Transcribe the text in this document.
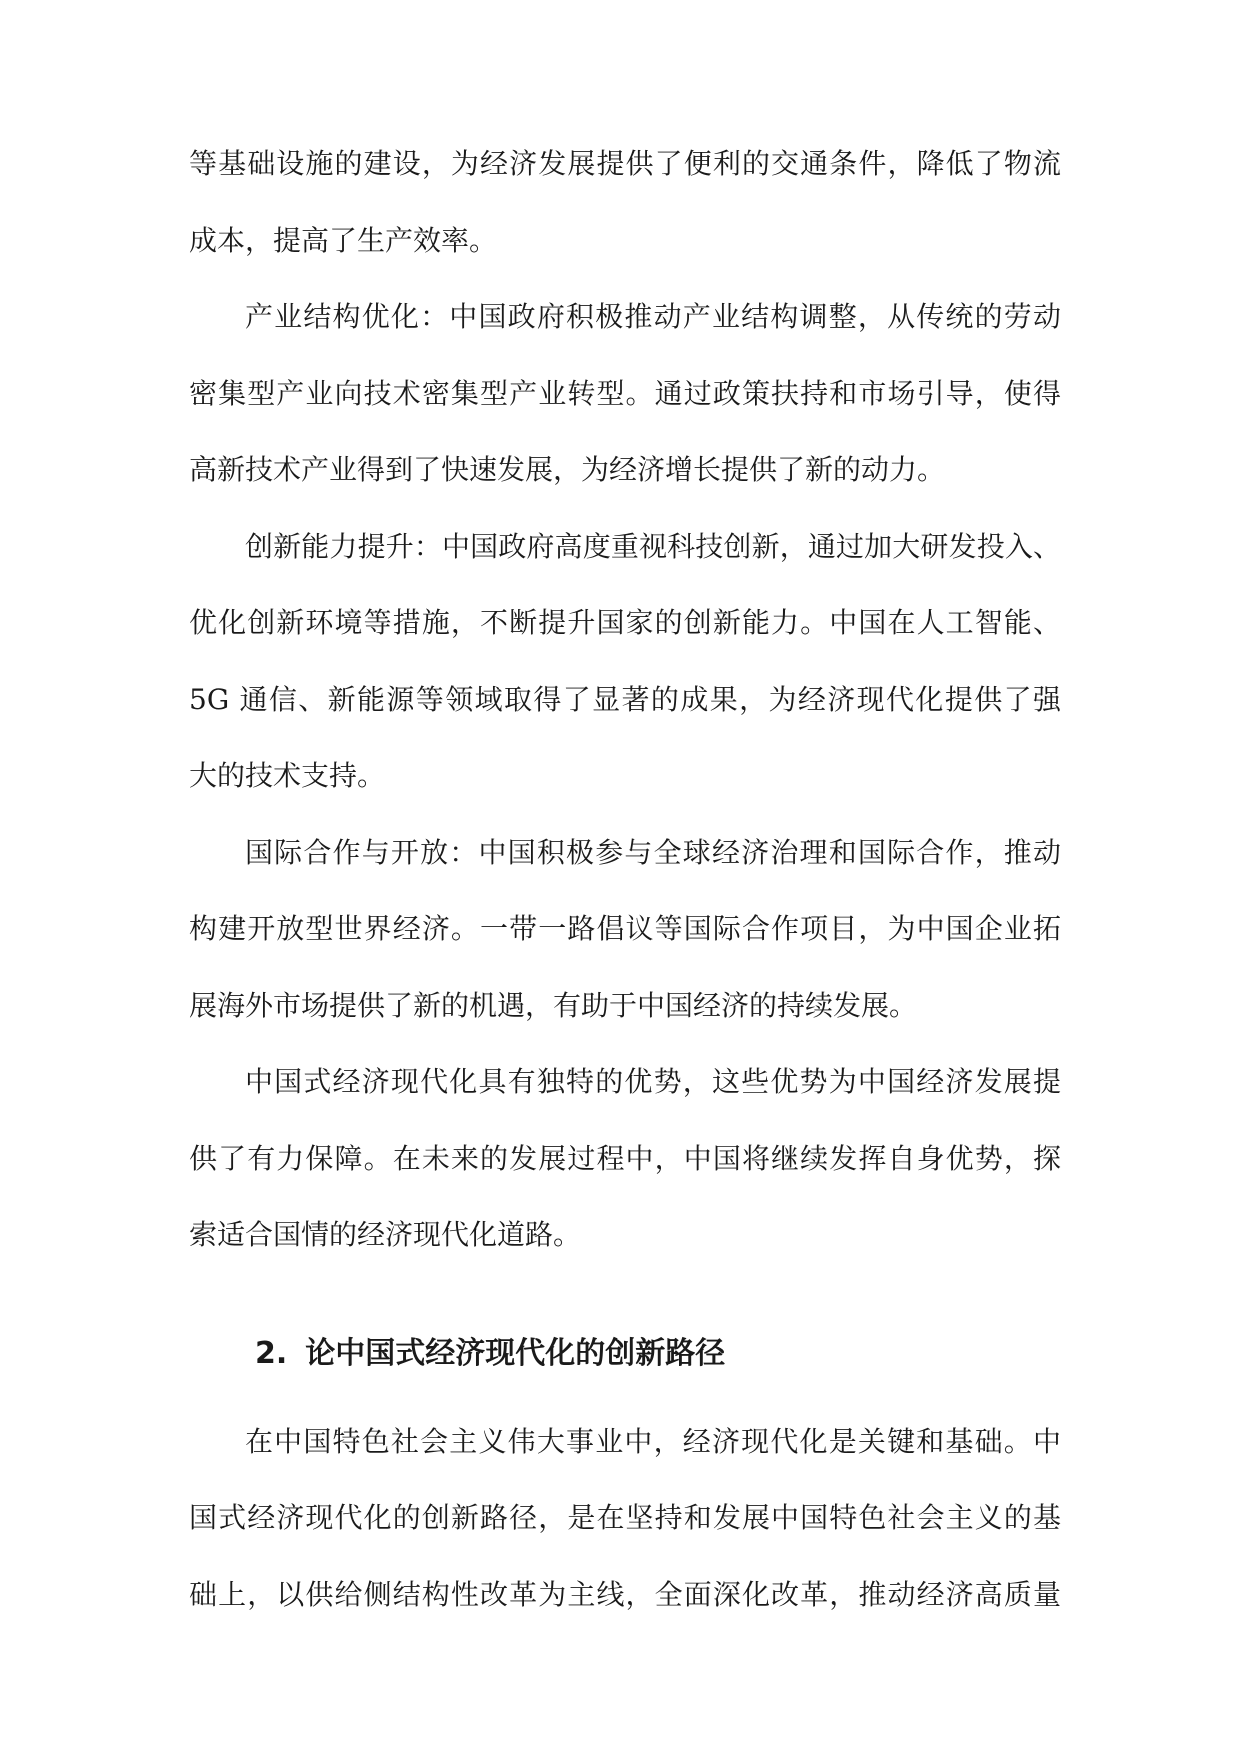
等基础设施的建设，为经济发展提供了便利的交通条件，降低了物流
成本，提高了生产效率。
产业结构优化：中国政府积极推动产业结构调整，从传统的劳动
密集型产业向技术密集型产业转型。通过政策扶持和市场引导，使得
高新技术产业得到了快速发展，为经济增长提供了新的动力。
创新能力提升：中国政府高度重视科技创新，通过加大研发投入、
优化创新环境等措施，不断提升国家的创新能力。中国在人工智能、
5G 通信、新能源等领域取得了显著的成果，为经济现代化提供了强
大的技术支持。
国际合作与开放：中国积极参与全球经济治理和国际合作，推动
构建开放型世界经济。一带一路倡议等国际合作项目，为中国企业拓
展海外市场提供了新的机遇，有助于中国经济的持续发展。
中国式经济现代化具有独特的优势，这些优势为中国经济发展提
供了有力保障。在未来的发展过程中，中国将继续发挥自身优势，探
索适合国情的经济现代化道路。
2. 论中国式经济现代化的创新路径
在中国特色社会主义伟大事业中，经济现代化是关键和基础。中
国式经济现代化的创新路径，是在坚持和发展中国特色社会主义的基
础上，以供给侧结构性改革为主线，全面深化改革，推动经济高质量
